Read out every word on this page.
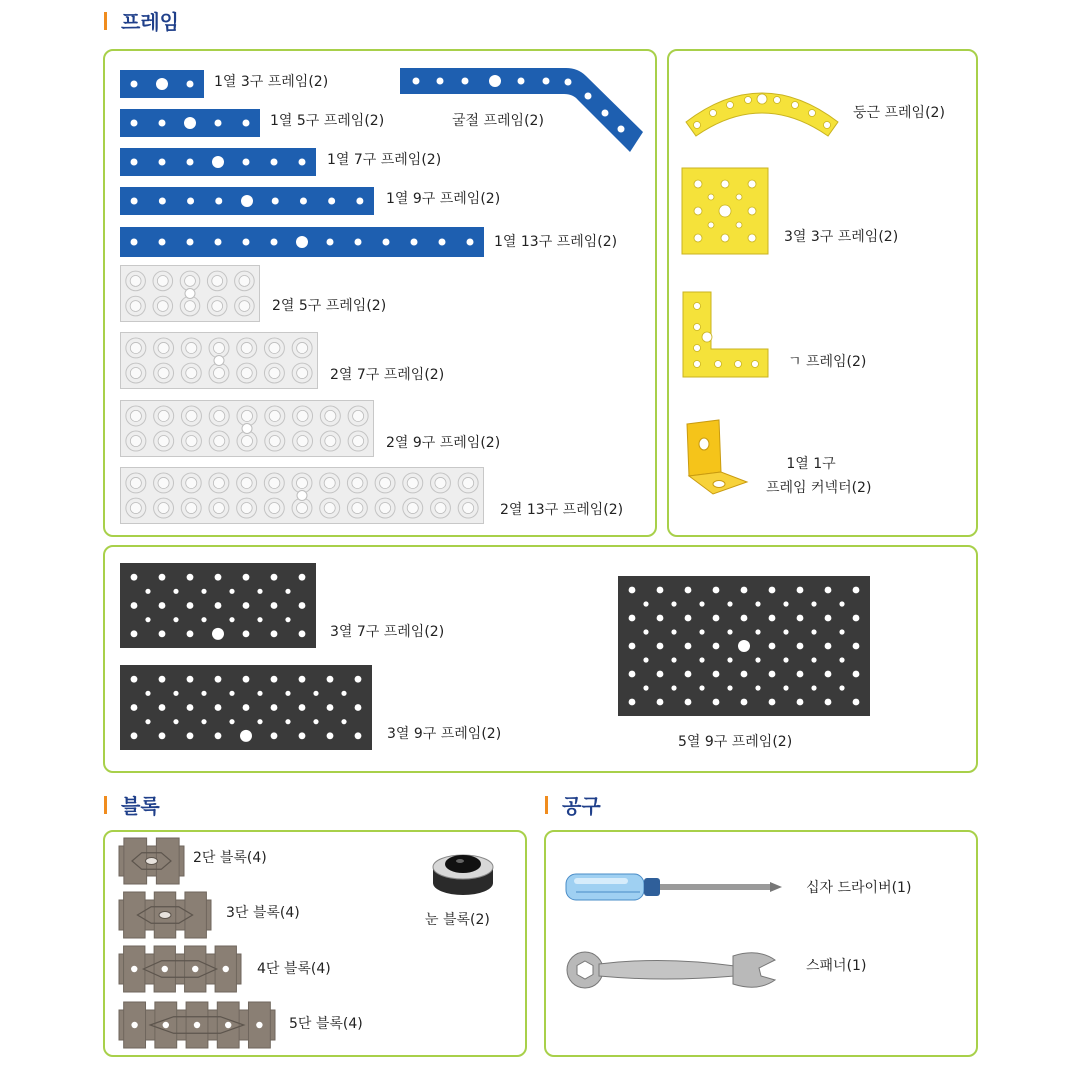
프레임
블록	공구
1열 3구 프레임(2)
1열 5구 프레임(2)
1열 7구 프레임(2)
1열 9구 프레임(2)
1열 13구 프레임(2)
굴절 프레임(2)
2열 5구 프레임(2)
2열 7구 프레임(2)
2열 9구 프레임(2)
2열 13구 프레임(2)
둥근 프레임(2)
3열 3구 프레임(2)
ㄱ 프레임(2)
1열 1구
프레임 커넥터(2)
3열 7구 프레임(2)
3열 9구 프레임(2)	5열 9구 프레임(2)
2단 블록(4)
3단 블록(4)
4단 블록(4)
5단 블록(4)
눈 블록(2)
십자 드라이버(1)
스패너(1)
